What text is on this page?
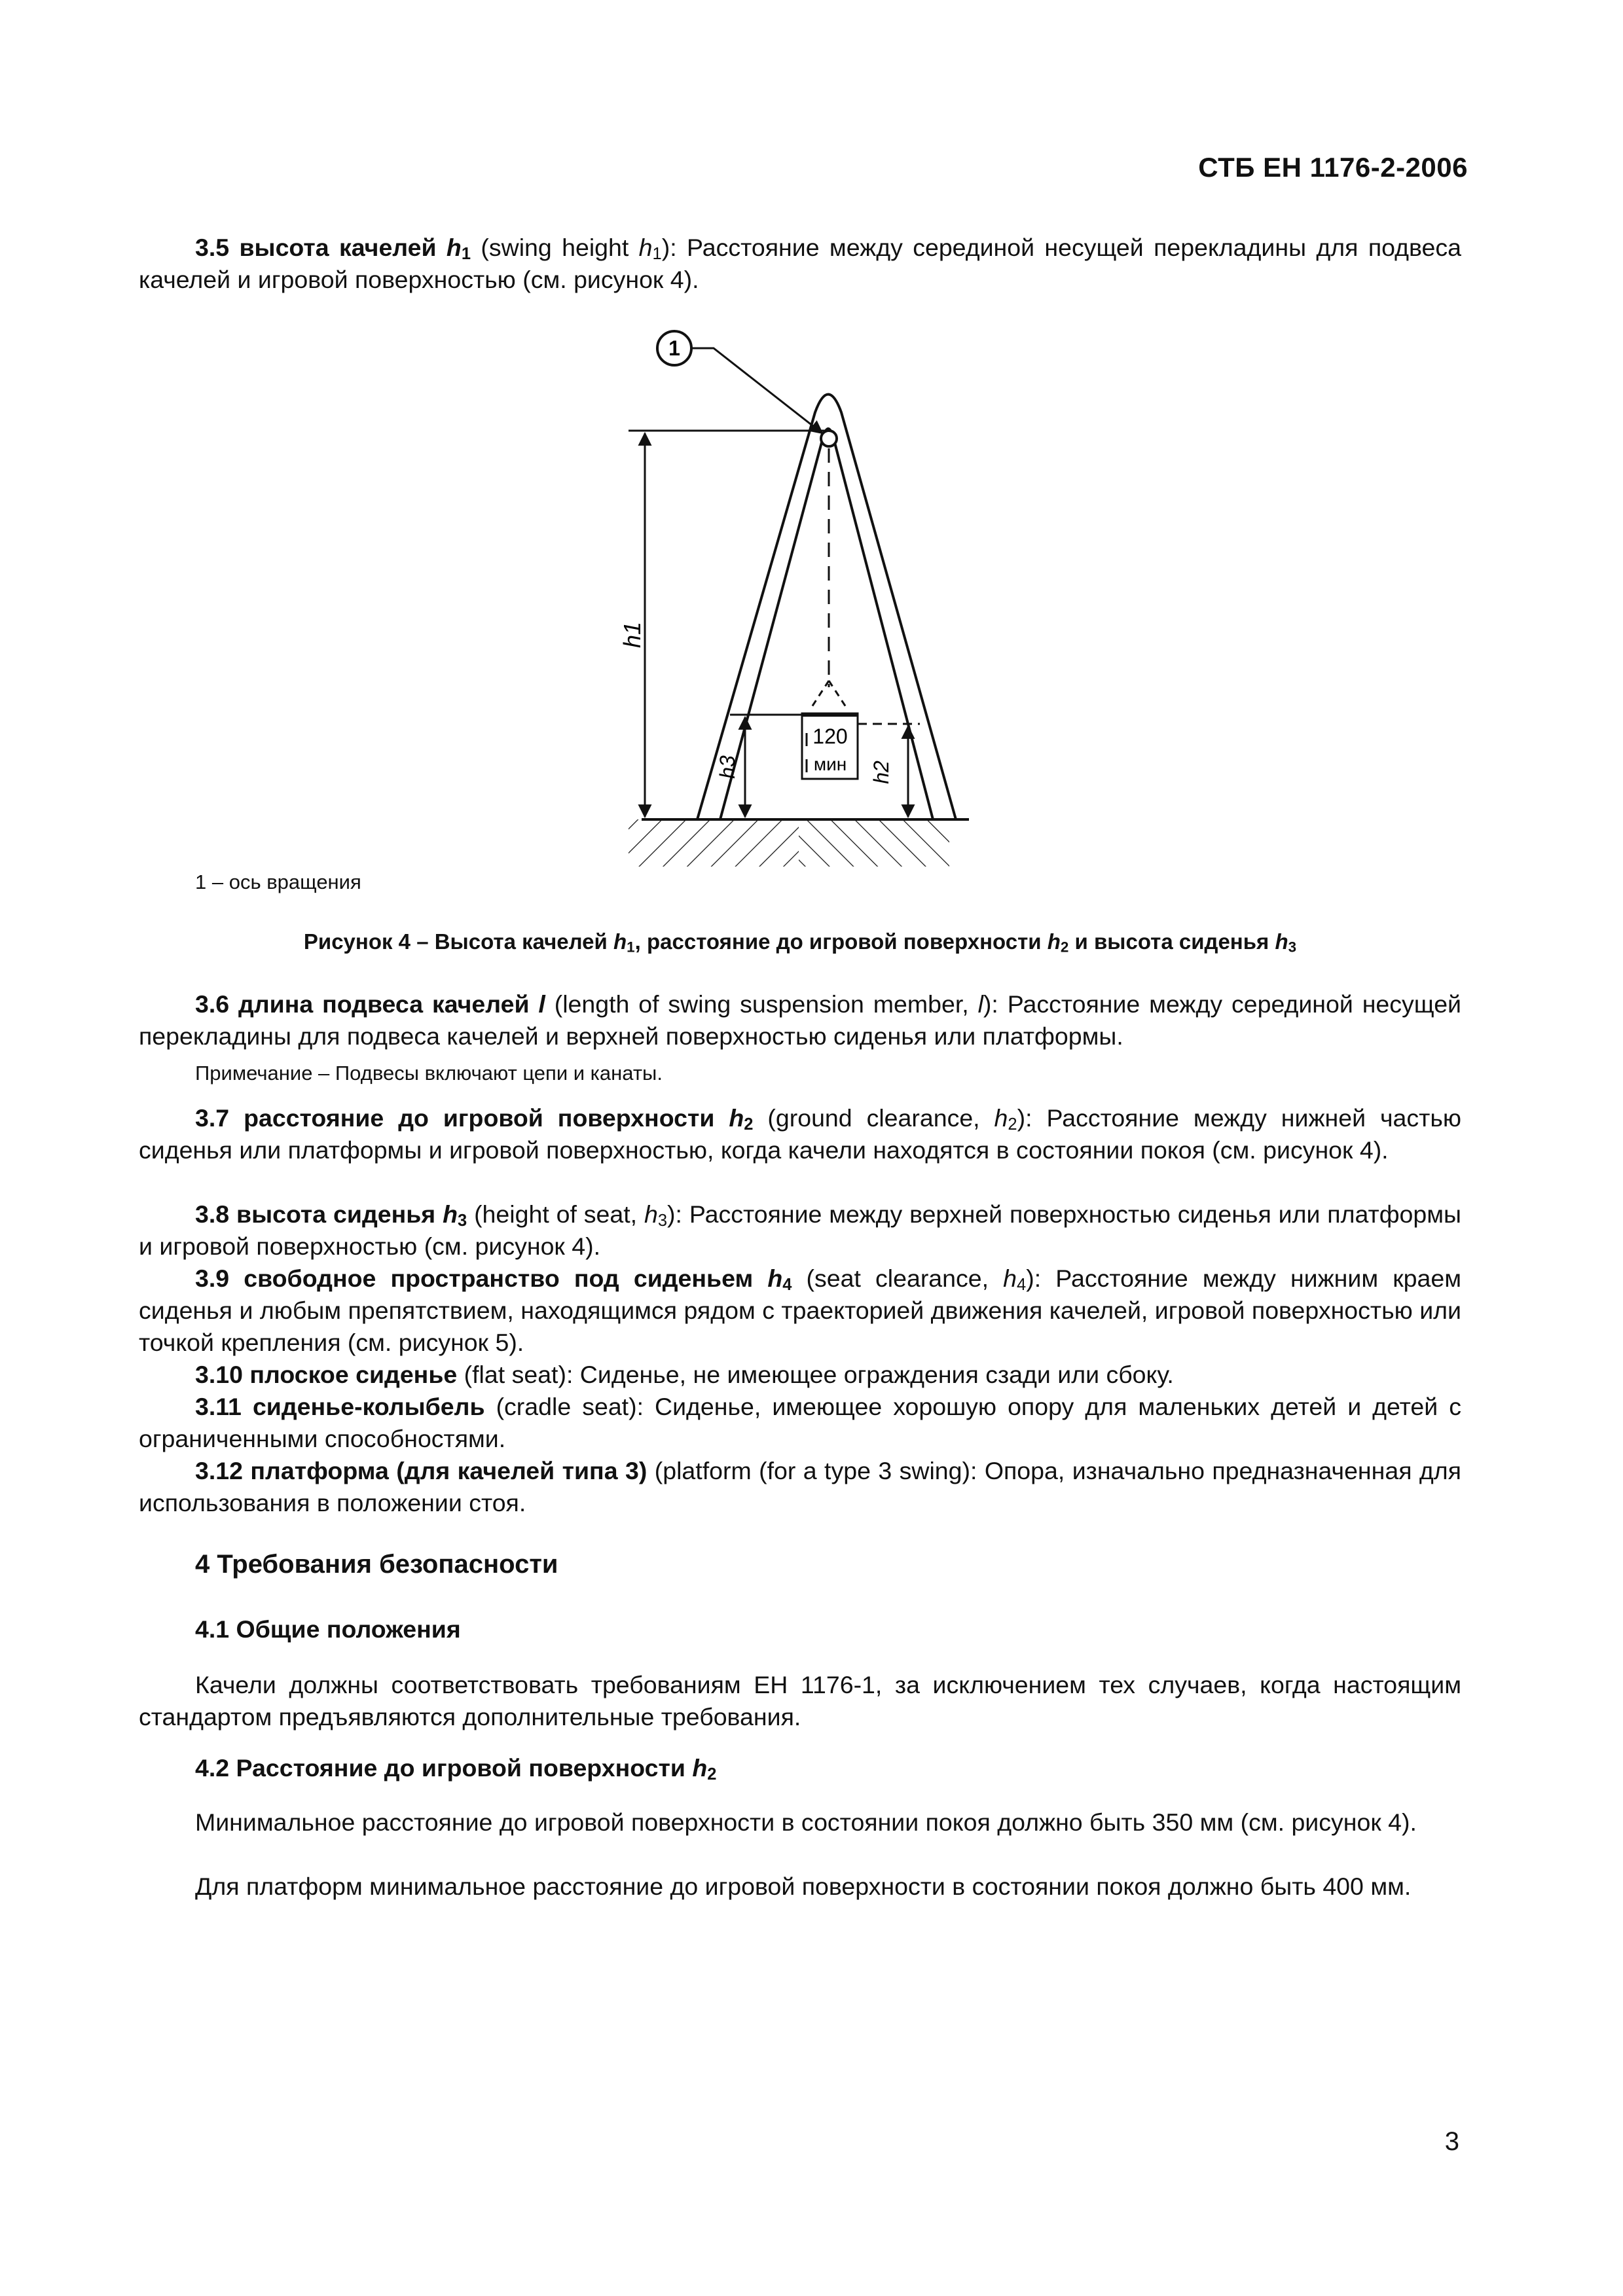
СТБ ЕН 1176-2-2006
3.5 высота качелей $h_1$ (swing height $h_1$): Расстояние между серединой несущей перекладины для подвеса качелей и игровой поверхностью (см. рисунок 4).
1
h1
120
мин
h3	h2
1 – ось вращения
Рисунок 4 – Высота качелей $h_1$, расстояние до игровой поверхности $h_2$ и высота сиденья $h_3$
3.6 длина подвеса качелей l (length of swing suspension member, l): Расстояние между серединой несущей перекладины для подвеса качелей и верхней поверхностью сиденья или платформы.
Примечание – Подвесы включают цепи и канаты.
3.7 расстояние до игровой поверхности $h_2$ (ground clearance, $h_2$): Расстояние между нижней частью сиденья или платформы и игровой поверхностью, когда качели находятся в состоянии покоя (см. рисунок 4).
3.8 высота сиденья $h_3$ (height of seat, $h_3$): Расстояние между верхней поверхностью сиденья или платформы и игровой поверхностью (см. рисунок 4).
3.9 свободное пространство под сиденьем $h_4$ (seat clearance, $h_4$): Расстояние между нижним краем сиденья и любым препятствием, находящимся рядом с траекторией движения качелей, игровой поверхностью или точкой крепления (см. рисунок 5).
3.10 плоское сиденье (flat seat): Сиденье, не имеющее ограждения сзади или сбоку.
3.11 сиденье-колыбель (cradle seat): Сиденье, имеющее хорошую опору для маленьких детей и детей с ограниченными способностями.
3.12 платформа (для качелей типа 3) (platform (for a type 3 swing): Опора, изначально предназначенная для использования в положении стоя.
4 Требования безопасности
4.1 Общие положения
Качели должны соответствовать требованиям ЕН 1176-1, за исключением тех случаев, когда настоящим стандартом предъявляются дополнительные требования.
4.2 Расстояние до игровой поверхности $h_2$
Минимальное расстояние до игровой поверхности в состоянии покоя должно быть 350 мм (см. рисунок 4).
Для платформ минимальное расстояние до игровой поверхности в состоянии покоя должно быть 400 мм.
3
